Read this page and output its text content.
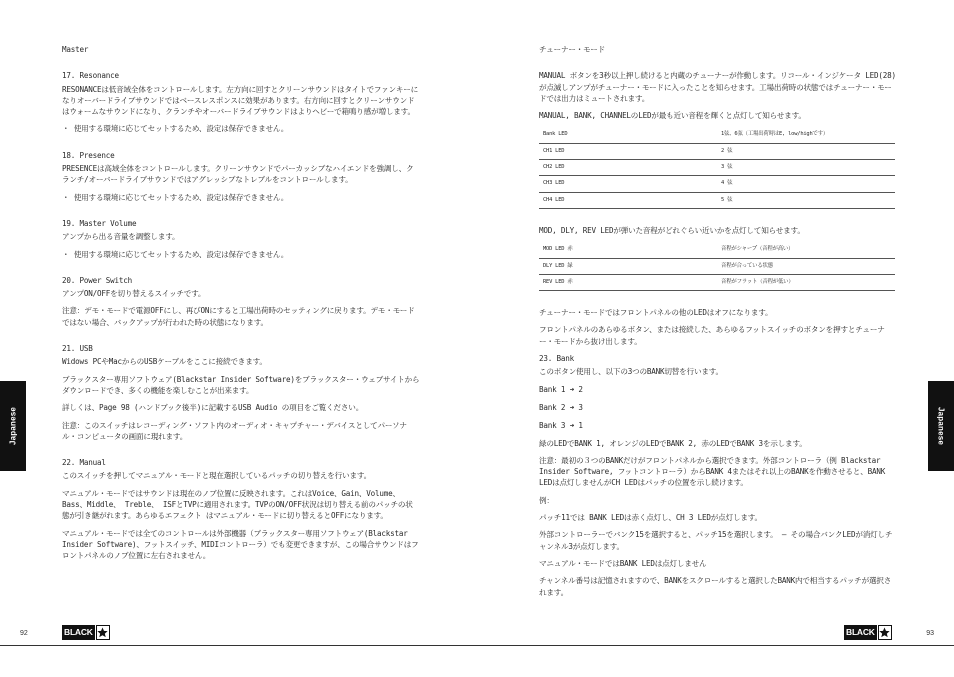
Master

17. Resonance

RESONANCEは低音域全体をコントロールします。左方向に回すとクリーンサウンドはタイトでファンキーになりオーバードライブサウンドではベースレスポンスに効果があります。右方向に回すとクリーンサウンドはウォームなサウンドになり、クランチやオーバードライブサウンドはよりヘビーで箱鳴り感が増します。

・ 使用する環境に応じてセットするため、設定は保存できません。

18. Presence

PRESENCEは高域全体をコントロールします。クリーンサウンドでパーカッシブなハイエンドを強調し、クランチ/オーバードライブサウンドではアグレッシブなトレブルをコントロールします。

・ 使用する環境に応じてセットするため、設定は保存できません。

19. Master Volume

アンプから出る音量を調整します。

・ 使用する環境に応じてセットするため、設定は保存できません。

20. Power Switch

アンプON/OFFを切り替えるスイッチです。

注意：デモ・モードで電源OFFにし、再びONにすると工場出荷時のセッティングに戻ります。デモ・モードではない場合、バックアップが行われた時の状態になります。

21. USB

Widows PCやMacからのUSBケーブルをここに接続できます。

ブラックスター専用ソフトウェア(Blackstar Insider Software)をブラックスター・ウェブサイトからダウンロードでき、多くの機能を楽しむことが出来ます。

詳しくは、Page 98 (ハンドブック後半)に記載するUSB Audio の項目をご覧ください。

注意：このスイッチはレコーディング・ソフト内のオーディオ・キャプチャー・デバイスとしてパーソナル・コンピュータの画面に現れます。

22. Manual

このスイッチを押してマニュアル・モードと現在選択しているパッチの切り替えを行います。

マニュアル・モードではサウンドは現在のノブ位置に反映されます。これはVoice、Gain、Volume、Bass、Middle、 Treble、 ISFとTVPに適用されます。TVPのON/OFF状況は切り替える前のパッチの状態が引き継がれます。あらゆるエフェクト はマニュアル・モードに切り替えるとOFFになります。

マニュアル・モードでは全てのコントロールは外部機器（ブラックスター専用ソフトウェア(Blackstar Insider Software)、フットスイッチ、MIDIコントローラ）でも変更できますが、この場合サウンドはフロントパネルのノブ位置に左右されません。

Japanese
92	BLACK

チューナー・モード

MANUAL ボタンを3秒以上押し続けると内蔵のチューナーが作動します。リコール・インジケータ LED(28)が点滅しアンプがチューナー・モードに入ったことを知らせます。工場出荷時の状態ではチューナー・モードでは出力はミュートされます。

MANUAL, BANK, CHANNELのLEDが最も近い音程を輝くと点灯して知らせます。

Bank LED	1弦、6弦（工場出荷時はE, low/highです）
CH1 LED	2 弦
CH2 LED	3 弦
CH3 LED	4 弦
CH4 LED	5 弦

MOD, DLY, REV LEDが弾いた音程がどれぐらい近いかを点灯して知らせます。

MOD LED 赤	音程がシャープ（音程が高い）
DLY LED 緑	音程が合っている状態
REV LED 赤	音程がフラット（音程が低い）

チューナー・モードではフロントパネルの他のLEDはオフになります。

フロントパネルのあらゆるボタン、または接続した、あらゆるフットスイッチのボタンを押すとチューナー・モードから抜け出します。

23. Bank

このボタン使用し、以下の3つのBANK切替を行います。

Bank 1 ➜ 2

Bank 2 ➜ 3

Bank 3 ➜ 1

緑のLEDでBANK 1, オレンジのLEDでBANK 2, 赤のLEDでBANK 3を示します。

注意：最初の３つのBANKだけがフロントパネルから選択できます。外部コントローラ（例 Blackstar Insider Software, フットコントローラ）からBANK 4またはそれ以上のBANKを作動させると、BANK LEDは点灯しませんがCH LEDはパッチの位置を示し続けます。

例：

パッチ11では BANK LEDは赤く点灯し、CH 3 LEDが点灯します。

外部コントローラーでバンク15を選択すると、パッチ15を選択します。 – その場合バンクLEDが消灯しチャンネル3が点灯します。

マニュアル・モードではBANK LEDは点灯しません

チャンネル番号は記憶されますので、BANKをスクロールすると選択したBANK内で相当するパッチが選択されます。

Japanese
93
BLACK
